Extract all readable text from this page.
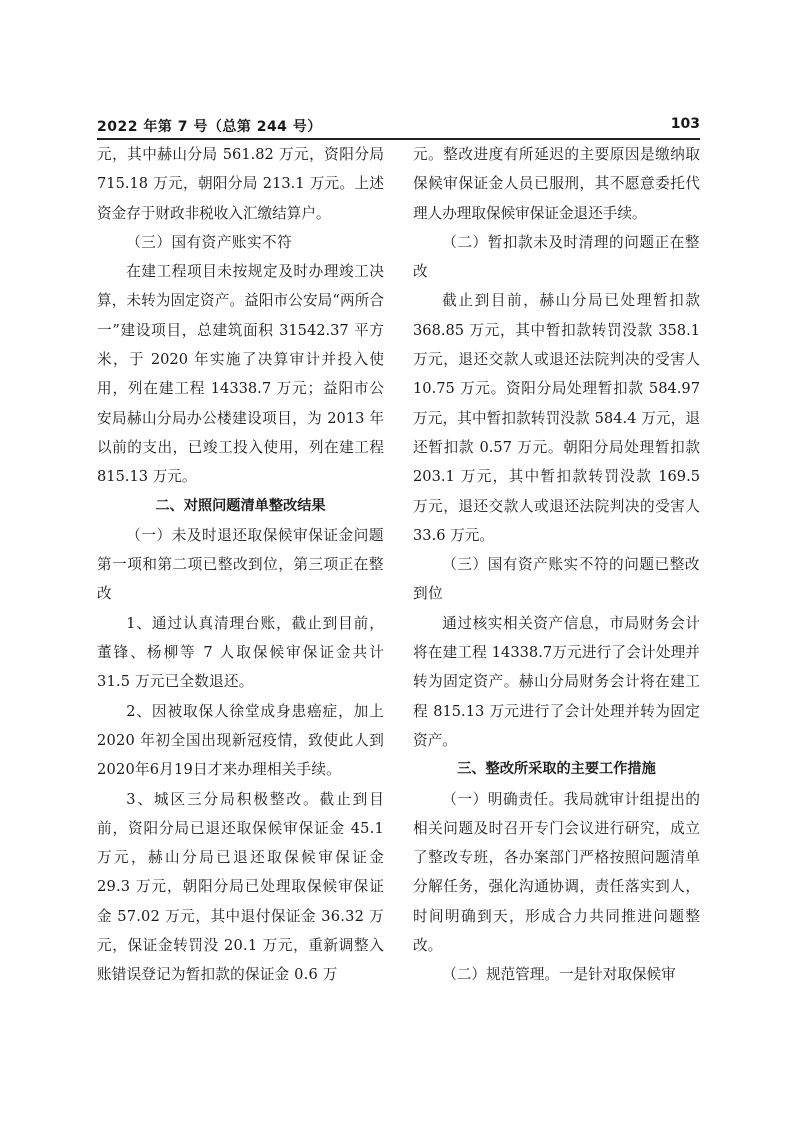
2022 年第 7 号（总第 244 号）	103

元，其中赫山分局 561.82 万元，资阳分局 715.18 万元，朝阳分局 213.1 万元。上述资金存于财政非税收入汇缴结算户。

（三）国有资产账实不符

在建工程项目未按规定及时办理竣工决算，未转为固定资产。益阳市公安局“两所合一”建设项目，总建筑面积 31542.37 平方米，于 2020 年实施了决算审计并投入使用，列在建工程 14338.7 万元；益阳市公安局赫山分局办公楼建设项目，为 2013 年以前的支出，已竣工投入使用，列在建工程 815.13 万元。

二、对照问题清单整改结果

（一）未及时退还取保候审保证金问题第一项和第二项已整改到位，第三项正在整改

1、通过认真清理台账，截止到目前，董锋、杨柳等 7 人取保候审保证金共计 31.5 万元已全数退还。

2、因被取保人徐堂成身患癌症，加上 2020 年初全国出现新冠疫情，致使此人到2020年6月19日才来办理相关手续。

3、城区三分局积极整改。截止到目前，资阳分局已退还取保候审保证金 45.1 万元，赫山分局已退还取保候审保证金 29.3 万元，朝阳分局已处理取保候审保证金 57.02 万元，其中退付保证金 36.32 万元，保证金转罚没 20.1 万元，重新调整入账错误登记为暂扣款的保证金 0.6 万

元。整改进度有所延迟的主要原因是缴纳取保候审保证金人员已服刑，其不愿意委托代理人办理取保候审保证金退还手续。

（二）暂扣款未及时清理的问题正在整改

截止到目前，赫山分局已处理暂扣款 368.85 万元，其中暂扣款转罚没款 358.1 万元，退还交款人或退还法院判决的受害人 10.75 万元。资阳分局处理暂扣款 584.97 万元，其中暂扣款转罚没款 584.4 万元，退还暂扣款 0.57 万元。朝阳分局处理暂扣款 203.1 万元，其中暂扣款转罚没款 169.5 万元，退还交款人或退还法院判决的受害人 33.6 万元。

（三）国有资产账实不符的问题已整改到位

通过核实相关资产信息，市局财务会计将在建工程 14338.7万元进行了会计处理并转为固定资产。赫山分局财务会计将在建工程 815.13 万元进行了会计处理并转为固定资产。

三、整改所采取的主要工作措施

（一）明确责任。我局就审计组提出的相关问题及时召开专门会议进行研究，成立了整改专班，各办案部门严格按照问题清单分解任务，强化沟通协调，责任落实到人，时间明确到天，形成合力共同推进问题整改。

（二）规范管理。一是针对取保候审
